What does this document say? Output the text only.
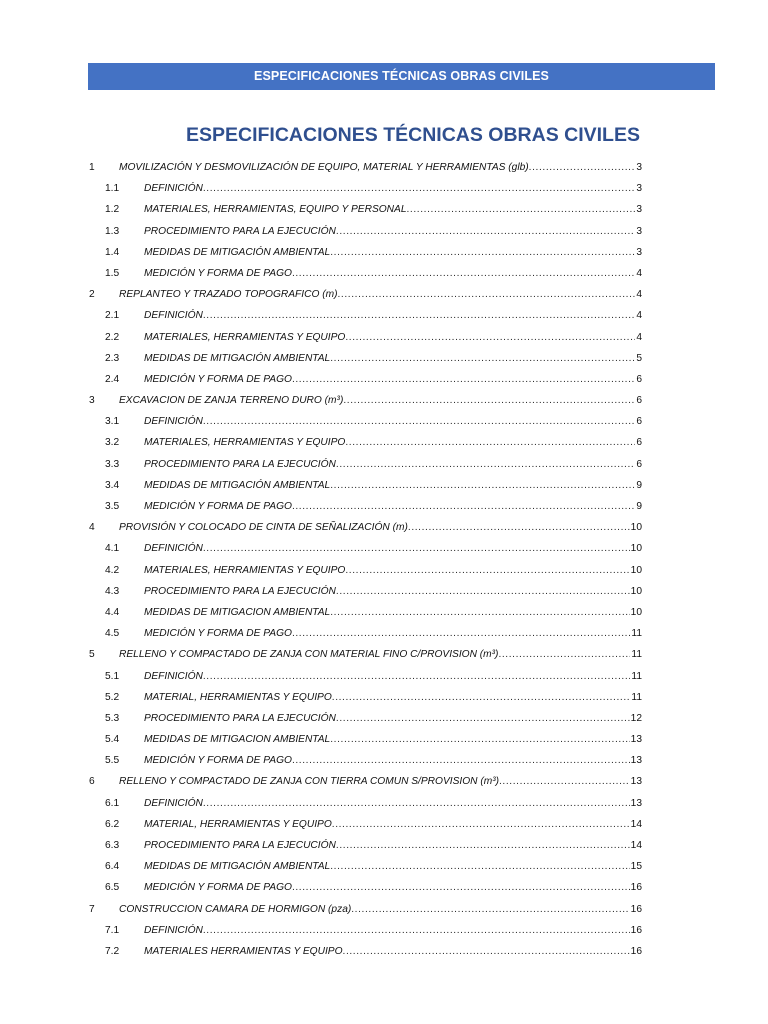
ESPECIFICACIONES TÉCNICAS OBRAS CIVILES
ESPECIFICACIONES TÉCNICAS OBRAS CIVILES
1 MOVILIZACIÓN Y DESMOVILIZACIÓN DE EQUIPO, MATERIAL Y HERRAMIENTAS (glb) .....	3
1.1 DEFINICIÓN .....	3
1.2 MATERIALES, HERRAMIENTAS, EQUIPO Y PERSONAL .....	3
1.3 PROCEDIMIENTO PARA LA EJECUCIÓN .....	3
1.4 MEDIDAS DE MITIGACIÓN AMBIENTAL .....	3
1.5 MEDICIÓN Y FORMA DE PAGO .....	4
2 REPLANTEO Y TRAZADO TOPOGRAFICO (m) .....	4
2.1 DEFINICIÓN .....	4
2.2 MATERIALES, HERRAMIENTAS Y EQUIPO .....	4
2.3 MEDIDAS DE MITIGACIÓN AMBIENTAL .....	5
2.4 MEDICIÓN Y FORMA DE PAGO .....	6
3 EXCAVACION DE ZANJA TERRENO DURO (m³) .....	6
3.1 DEFINICIÓN .....	6
3.2 MATERIALES, HERRAMIENTAS Y EQUIPO .....	6
3.3 PROCEDIMIENTO PARA LA EJECUCIÓN .....	6
3.4 MEDIDAS DE MITIGACIÓN AMBIENTAL .....	9
3.5 MEDICIÓN Y FORMA DE PAGO .....	9
4 PROVISIÓN Y COLOCADO DE CINTA DE SEÑALIZACIÓN (m) .....	10
4.1 DEFINICIÓN .....	10
4.2 MATERIALES, HERRAMIENTAS Y EQUIPO .....	10
4.3 PROCEDIMIENTO PARA LA EJECUCIÓN .....	10
4.4 MEDIDAS DE MITIGACION AMBIENTAL .....	10
4.5 MEDICIÓN Y FORMA DE PAGO .....	11
5 RELLENO Y COMPACTADO DE ZANJA CON MATERIAL FINO C/PROVISION (m³) .....	11
5.1 DEFINICIÓN .....	11
5.2 MATERIAL, HERRAMIENTAS Y EQUIPO .....	11
5.3 PROCEDIMIENTO PARA LA EJECUCIÓN .....	12
5.4 MEDIDAS DE MITIGACION AMBIENTAL .....	13
5.5 MEDICIÓN Y FORMA DE PAGO .....	13
6 RELLENO Y COMPACTADO DE ZANJA CON TIERRA COMUN S/PROVISION (m³) .....	13
6.1 DEFINICIÓN .....	13
6.2 MATERIAL, HERRAMIENTAS Y EQUIPO .....	14
6.3 PROCEDIMIENTO PARA LA EJECUCIÓN .....	14
6.4 MEDIDAS DE MITIGACIÓN AMBIENTAL .....	15
6.5 MEDICIÓN Y FORMA DE PAGO .....	16
7 CONSTRUCCION CAMARA DE HORMIGON (pza) .....	16
7.1 DEFINICIÓN .....	16
7.2 MATERIALES HERRAMIENTAS Y EQUIPO .....	16
